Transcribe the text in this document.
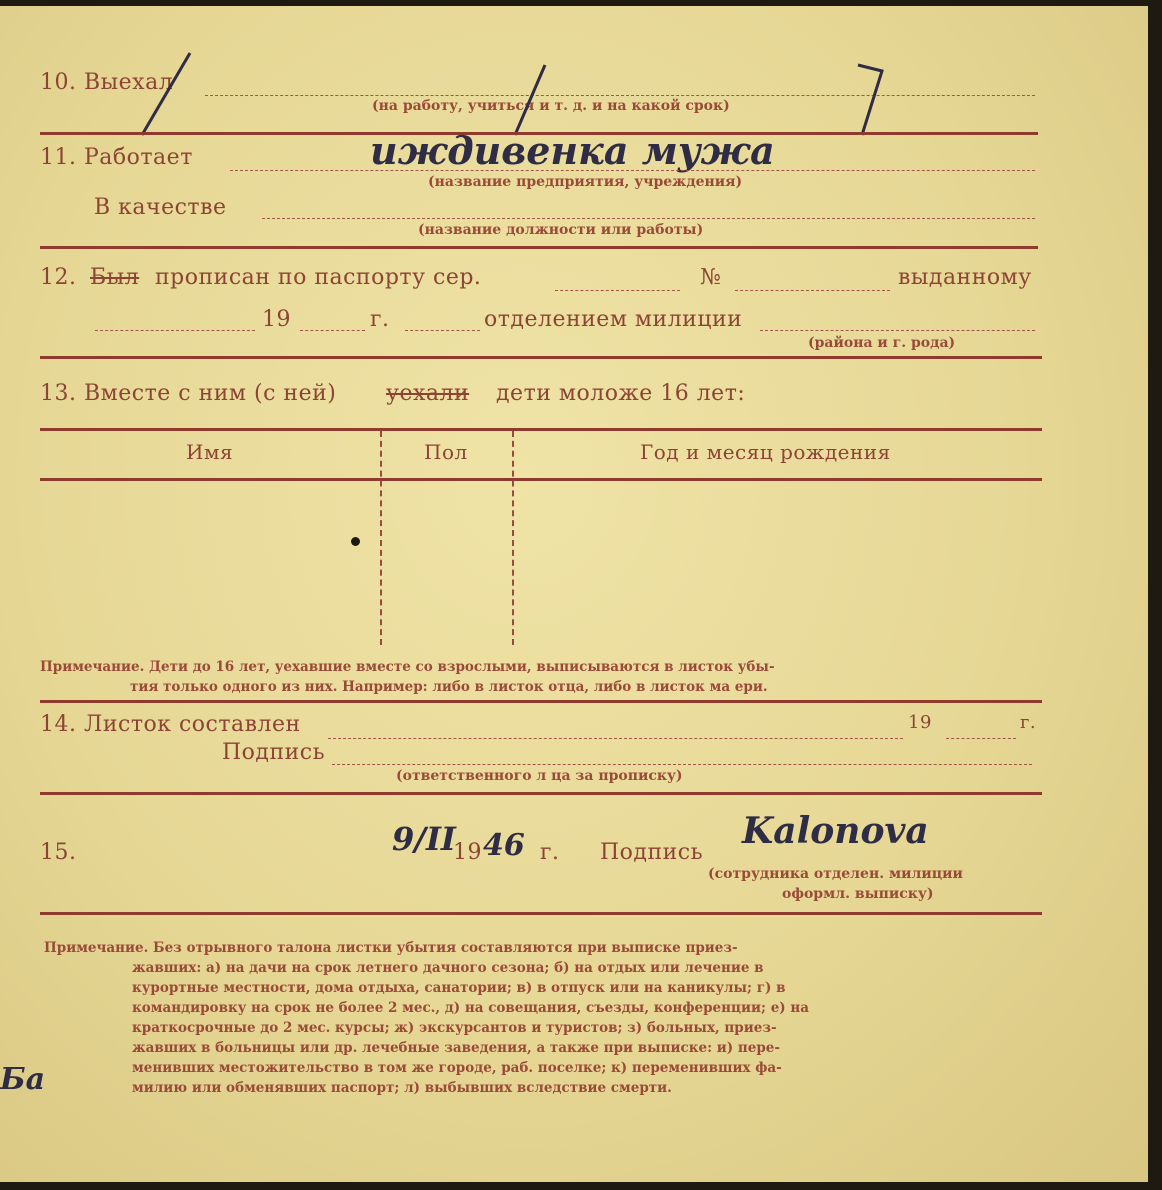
10. Выехал
(на работу, учиться и т. д. и на какой срок)
11. Работает	иждивенка мужа
(название предприятия, учреждения)
В качестве
(название должности или работы)
12. Был прописан по паспорту сер.	№	выданному
19	г.	отделением милиции
(района и г. рода)
13. Вместе с ним (с ней) уехали дети моложе 16 лет:
Имя	Пол	Год и месяц рождения
Примечание. Дети до 16 лет, уехавшие вместе со взрослыми, выписываются в листок убы-
тия только одного из них. Например: либо в листок отца, либо в листок ма ери.
14. Листок составлен	19	г.
Подпись
(ответственного л ца за прописку)
15.	9/II
19 46 г. Подпись
Kalonova
(сотрудника отделен. милиции
оформл. выписку)
Примечание. Без отрывного талона листки убытия составляются при выписке приез-
жавших: а) на дачи на срок летнего дачного сезона; б) на отдых или лечение в
курортные местности, дома отдыха, санатории; в) в отпуск или на каникулы; г) в
командировку на срок не более 2 мес., д) на совещания, съезды, конференции; е) на
краткосрочные до 2 мес. курсы; ж) экскурсантов и туристов; з) больных, приез-
жавших в больницы или др. лечебные заведения, а также при выписке: и) пере-
менивших местожительство в том же городе, раб. поселке; к) переменивших фа-
милию или обменявших паспорт; л) выбывших вследствие смерти.
Ба
